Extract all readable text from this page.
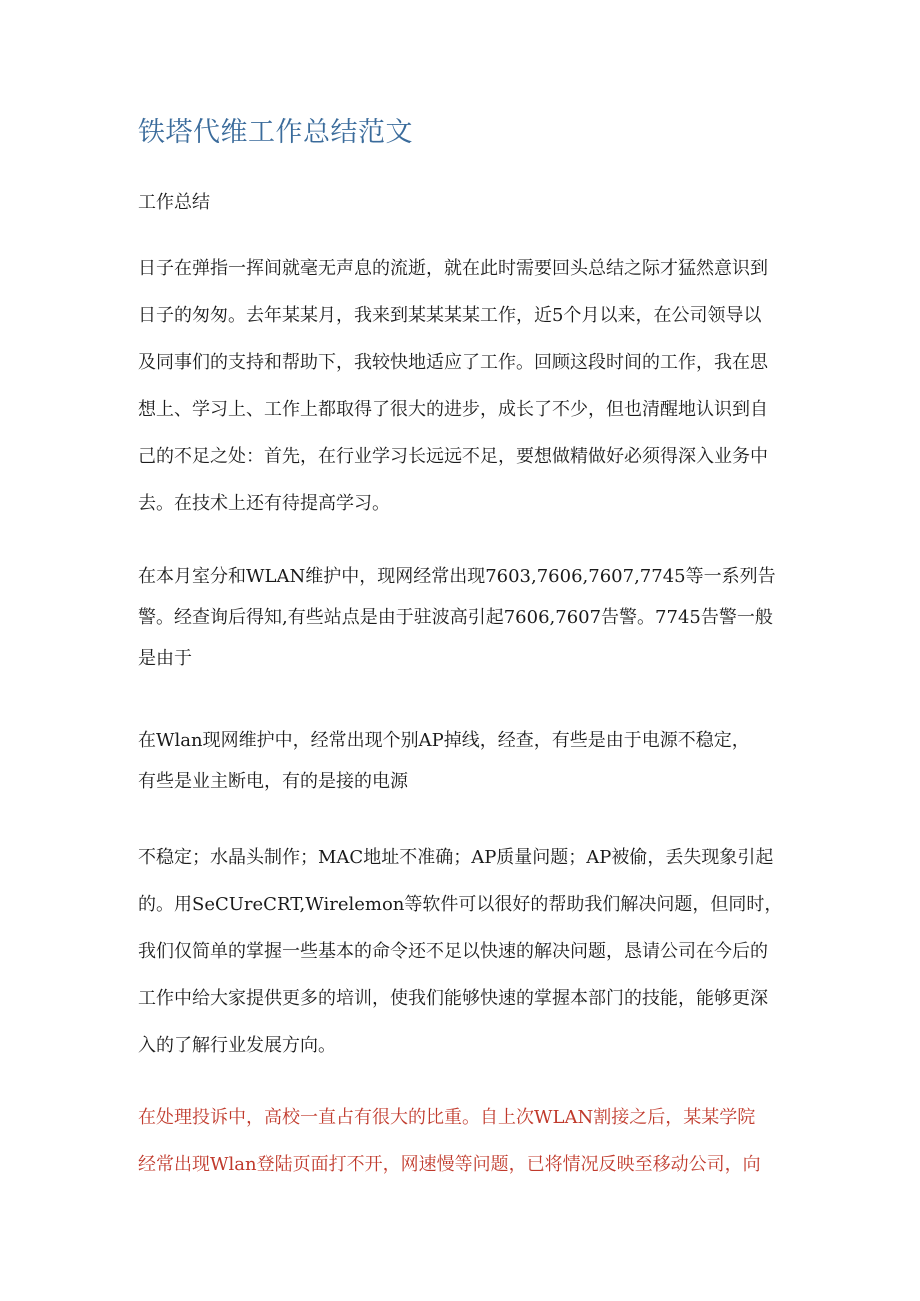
铁塔代维工作总结范文

工作总结

日子在弹指一挥间就毫无声息的流逝，就在此时需要回头总结之际才猛然意识到
日子的匆匆。去年某某月，我来到某某某某工作，近5个月以来，在公司领导以
及同事们的支持和帮助下，我较快地适应了工作。回顾这段时间的工作，我在思
想上、学习上、工作上都取得了很大的进步，成长了不少，但也清醒地认识到自
己的不足之处：首先，在行业学习长远远不足，要想做精做好必须得深入业务中
去。在技术上还有待提高学习。

在本月室分和WLAN维护中，现网经常出现7603,7606,7607,7745等一系列告
警。经查询后得知,有些站点是由于驻波高引起7606,7607告警。7745告警一般
是由于

在Wlan现网维护中，经常出现个别AP掉线，经查，有些是由于电源不稳定，
有些是业主断电，有的是接的电源

不稳定；水晶头制作；MAC地址不准确；AP质量问题；AP被偷，丢失现象引起
的。用SeCUreCRT,Wirelemon等软件可以很好的帮助我们解决问题，但同时，
我们仅简单的掌握一些基本的命令还不足以快速的解决问题，恳请公司在今后的
工作中给大家提供更多的培训，使我们能够快速的掌握本部门的技能，能够更深
入的了解行业发展方向。

在处理投诉中，高校一直占有很大的比重。自上次WLAN割接之后，某某学院
经常出现Wlan登陆页面打不开，网速慢等问题，已将情况反映至移动公司，向
